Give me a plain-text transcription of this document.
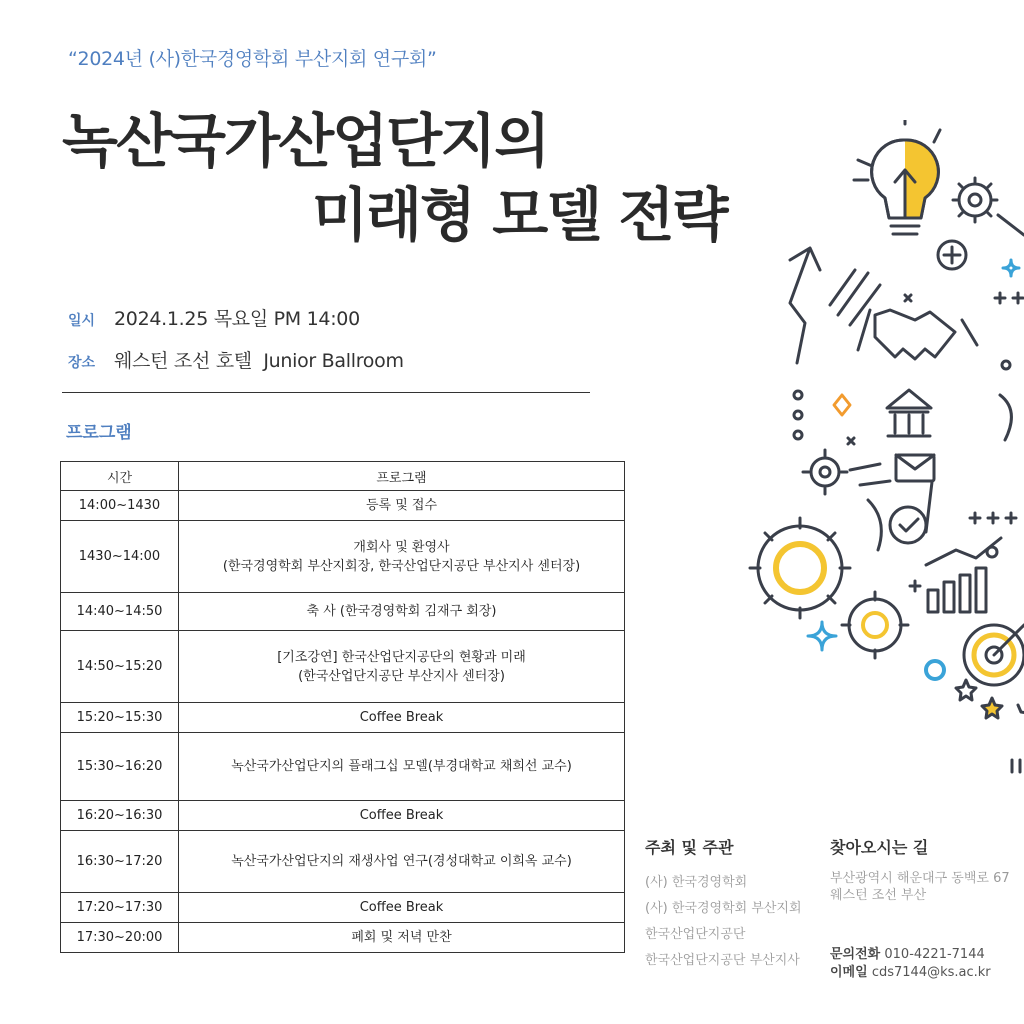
“2024년 (사)한국경영학회 부산지회 연구회”
녹산국가산업단지의
미래형 모델 전략
일시 2024.1.25 목요일 PM 14:00
장소 웨스턴 조선 호텔  Junior Ballroom
프로그램
시간	프로그램
14:00~1430	등록 및 접수

1430~14:00	개회사 및 환영사
(한국경영학회 부산지회장, 한국산업단지공단 부산지사 센터장)

14:40~14:50	축 사 (한국경영학회 김재구 회장)

14:50~15:20	[기조강연] 한국산업단지공단의 현황과 미래
(한국산업단지공단 부산지사 센터장)

15:20~15:30	Coffee Break

15:30~16:20	녹산국가산업단지의 플래그십 모델(부경대학교 채희선 교수)

16:20~16:30	Coffee Break

16:30~17:20	녹산국가산업단지의 재생사업 연구(경성대학교 이희옥 교수)

17:20~17:30	Coffee Break

17:30~20:00	폐회 및 저녁 만찬
주최 및 주관
(사) 한국경영학회
(사) 한국경영학회 부산지회
한국산업단지공단
한국산업단지공단 부산지사
찾아오시는 길
부산광역시 해운대구 동백로 67
웨스턴 조선 부산
문의전화 010-4221-7144
이메일 cds7144@ks.ac.kr
